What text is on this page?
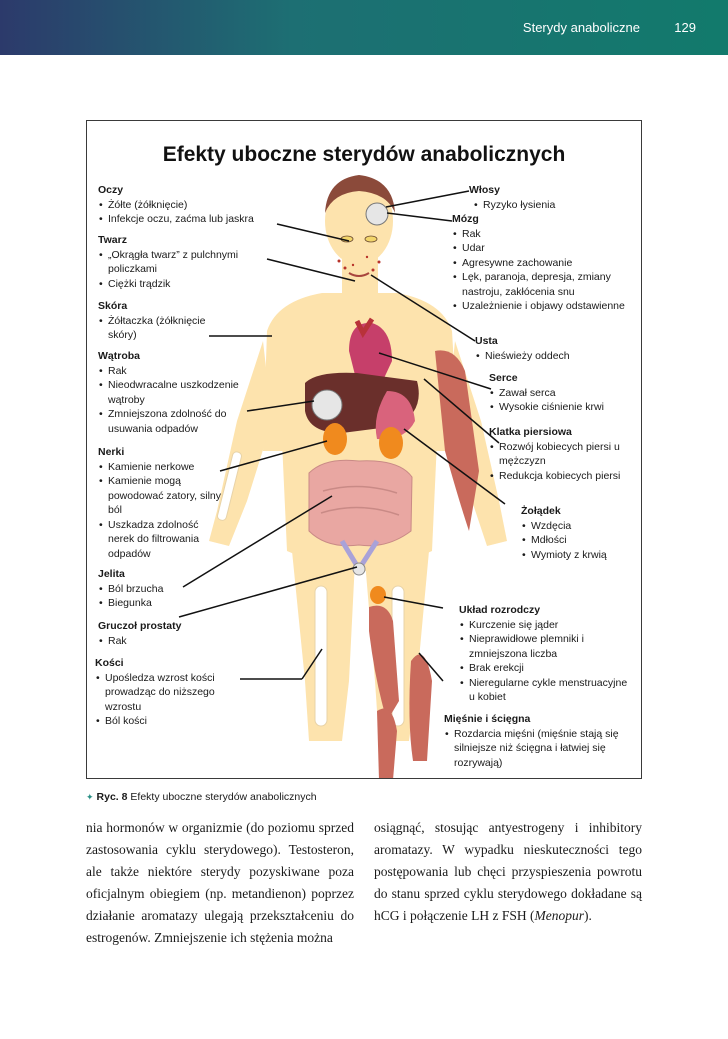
Sterydy anaboliczne	129
Efekty uboczne sterydów anabolicznych
Oczy
• Żółte (żółknięcie)
• Infekcje oczu, zaćma lub jaskra
Twarz
• „Okrągła twarz” z pulchnymi policzkami
• Ciężki trądzik
Skóra
• Żółtaczka (żółknięcie skóry)
Wątroba
• Rak
• Nieodwracalne uszkodzenie wątroby
• Zmniejszona zdolność do usuwania odpadów
Nerki
• Kamienie nerkowe
• Kamienie mogą powodować zatory, silny ból
• Uszkadza zdolność nerek do filtrowania odpadów
Jelita
• Ból brzucha
• Biegunka
Gruczoł prostaty
• Rak
Kości
• Upośledza wzrost kości prowadząc do niższego wzrostu
• Ból kości
Włosy
• Ryzyko łysienia
Mózg
• Rak
• Udar
• Agresywne zachowanie
• Lęk, paranoja, depresja, zmiany nastroju, zakłócenia snu
• Uzależnienie i objawy odstawienne
Usta
• Nieświeży oddech
Serce
• Zawał serca
• Wysokie ciśnienie krwi
Klatka piersiowa
• Rozwój kobiecych piersi u mężczyzn
• Redukcja kobiecych piersi
Żołądek
• Wzdęcia
• Mdłości
• Wymioty z krwią
Układ rozrodczy
• Kurczenie się jąder
• Nieprawidłowe plemniki i zmniejszona liczba
• Brak erekcji
• Nieregularne cykle menstruacyjne u kobiet
Mięśnie i ścięgna
• Rozdarcia mięśni (mięśnie stają się silniejsze niż ścięgna i łatwiej się rozrywają)
✦ Ryc. 8 Efekty uboczne sterydów anabolicznych

nia hormonów w organizmie (do poziomu sprzed zastosowania cyklu sterydowego). Testosteron, ale także niektóre sterydy pozyskiwane poza oficjalnym obiegiem (np. metandienon) poprzez działanie aromatazy ulegają przekształceniu do estrogenów. Zmniejszenie ich stężenia można

osiągnąć, stosując antyestrogeny i inhibitory aromatazy. W wypadku nieskuteczności tego postępowania lub chęci przyspieszenia powrotu do stanu sprzed cyklu sterydowego dokładane są hCG i połączenie LH z FSH (Menopur).
